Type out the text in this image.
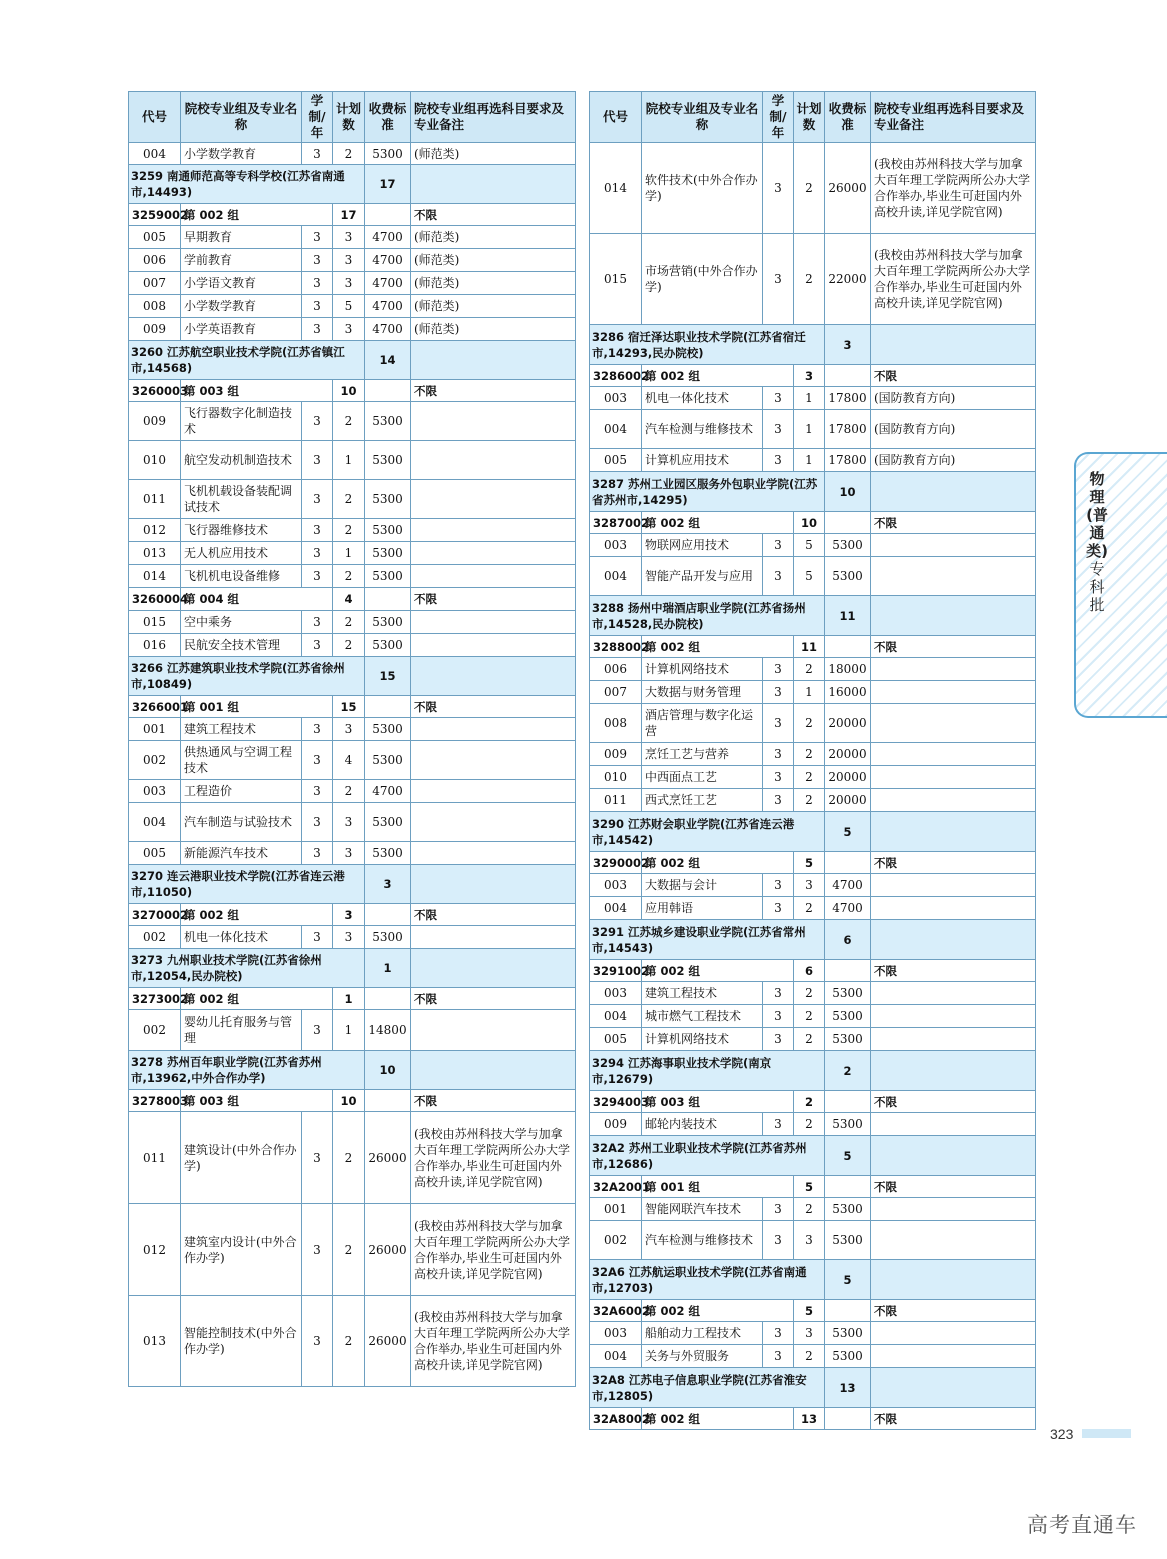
代号	院校专业组及专业名称	学制/年	计划数	收费标准	院校专业组再选科目要求及专业备注
004	小学数学教育	3	2	5300	(师范类)
3259 南通师范高等专科学校(江苏省南通市,14493)				17	
3259002	第 002 组		17		不限
005	早期教育	3	3	4700	(师范类)
006	学前教育	3	3	4700	(师范类)
007	小学语文教育	3	3	4700	(师范类)
008	小学数学教育	3	5	4700	(师范类)
009	小学英语教育	3	3	4700	(师范类)
3260 江苏航空职业技术学院(江苏省镇江市,14568)				14	
3260003	第 003 组		10		不限
009	飞行器数字化制造技术	3	2	5300	
010	航空发动机制造技术	3	1	5300	
011	飞机机载设备装配调试技术	3	2	5300	
012	飞行器维修技术	3	2	5300	
013	无人机应用技术	3	1	5300	
014	飞机机电设备维修	3	2	5300	
3260004	第 004 组		4		不限
015	空中乘务	3	2	5300	
016	民航安全技术管理	3	2	5300	
3266 江苏建筑职业技术学院(江苏省徐州市,10849)				15	
3266001	第 001 组		15		不限
001	建筑工程技术	3	3	5300	
002	供热通风与空调工程技术	3	4	5300	
003	工程造价	3	2	4700	
004	汽车制造与试验技术	3	3	5300	
005	新能源汽车技术	3	3	5300	
3270 连云港职业技术学院(江苏省连云港市,11050)				3	
3270002	第 002 组		3		不限
002	机电一体化技术	3	3	5300	
3273 九州职业技术学院(江苏省徐州市,12054,民办院校)				1	
3273002	第 002 组		1		不限
002	婴幼儿托育服务与管理	3	1	14800	
3278 苏州百年职业学院(江苏省苏州市,13962,中外合作办学)				10	
3278003	第 003 组		10		不限
011	建筑设计(中外合作办学)	3	2	26000	(我校由苏州科技大学与加拿大百年理工学院两所公办大学合作举办,毕业生可赶国内外高校升读,详见学院官网)
012	建筑室内设计(中外合作办学)	3	2	26000	(我校由苏州科技大学与加拿大百年理工学院两所公办大学合作举办,毕业生可赶国内外高校升读,详见学院官网)
013	智能控制技术(中外合作办学)	3	2	26000	(我校由苏州科技大学与加拿大百年理工学院两所公办大学合作举办,毕业生可赶国内外高校升读,详见学院官网)
代号	院校专业组及专业名称	学制/年	计划数	收费标准	院校专业组再选科目要求及专业备注
014	软件技术(中外合作办学)	3	2	26000	(我校由苏州科技大学与加拿大百年理工学院两所公办大学合作举办,毕业生可赶国内外高校升读,详见学院官网)
015	市场营销(中外合作办学)	3	2	22000	(我校由苏州科技大学与加拿大百年理工学院两所公办大学合作举办,毕业生可赶国内外高校升读,详见学院官网)
3286 宿迁泽达职业技术学院(江苏省宿迁市,14293,民办院校)				3	
3286002	第 002 组		3		不限
003	机电一体化技术	3	1	17800	(国防教育方向)
004	汽车检测与维修技术	3	1	17800	(国防教育方向)
005	计算机应用技术	3	1	17800	(国防教育方向)
3287 苏州工业园区服务外包职业学院(江苏省苏州市,14295)				10	
3287002	第 002 组		10		不限
003	物联网应用技术	3	5	5300	
004	智能产品开发与应用	3	5	5300	
3288 扬州中瑞酒店职业学院(江苏省扬州市,14528,民办院校)				11	
3288002	第 002 组		11		不限
006	计算机网络技术	3	2	18000	
007	大数据与财务管理	3	1	16000	
008	酒店管理与数字化运营	3	2	20000	
009	烹饪工艺与营养	3	2	20000	
010	中西面点工艺	3	2	20000	
011	西式烹饪工艺	3	2	20000	
3290 江苏财会职业学院(江苏省连云港市,14542)				5	
3290002	第 002 组		5		不限
003	大数据与会计	3	3	4700	
004	应用韩语	3	2	4700	
3291 江苏城乡建设职业学院(江苏省常州市,14543)				6	
3291002	第 002 组		6		不限
003	建筑工程技术	3	2	5300	
004	城市燃气工程技术	3	2	5300	
005	计算机网络技术	3	2	5300	
3294 江苏海事职业技术学院(南京市,12679)				2	
3294003	第 003 组		2		不限
009	邮轮内装技术	3	2	5300	
32A2 苏州工业职业技术学院(江苏省苏州市,12686)				5	
32A2001	第 001 组		5		不限
001	智能网联汽车技术	3	2	5300	
002	汽车检测与维修技术	3	3	5300	
32A6 江苏航运职业技术学院(江苏省南通市,12703)				5	
32A6002	第 002 组		5		不限
003	船舶动力工程技术	3	3	5300	
004	关务与外贸服务	3	2	5300	
32A8 江苏电子信息职业学院(江苏省淮安市,12805)				13	
32A8002	第 002 组		13		不限
物理(普通类)
专科批
323
高考直通车
